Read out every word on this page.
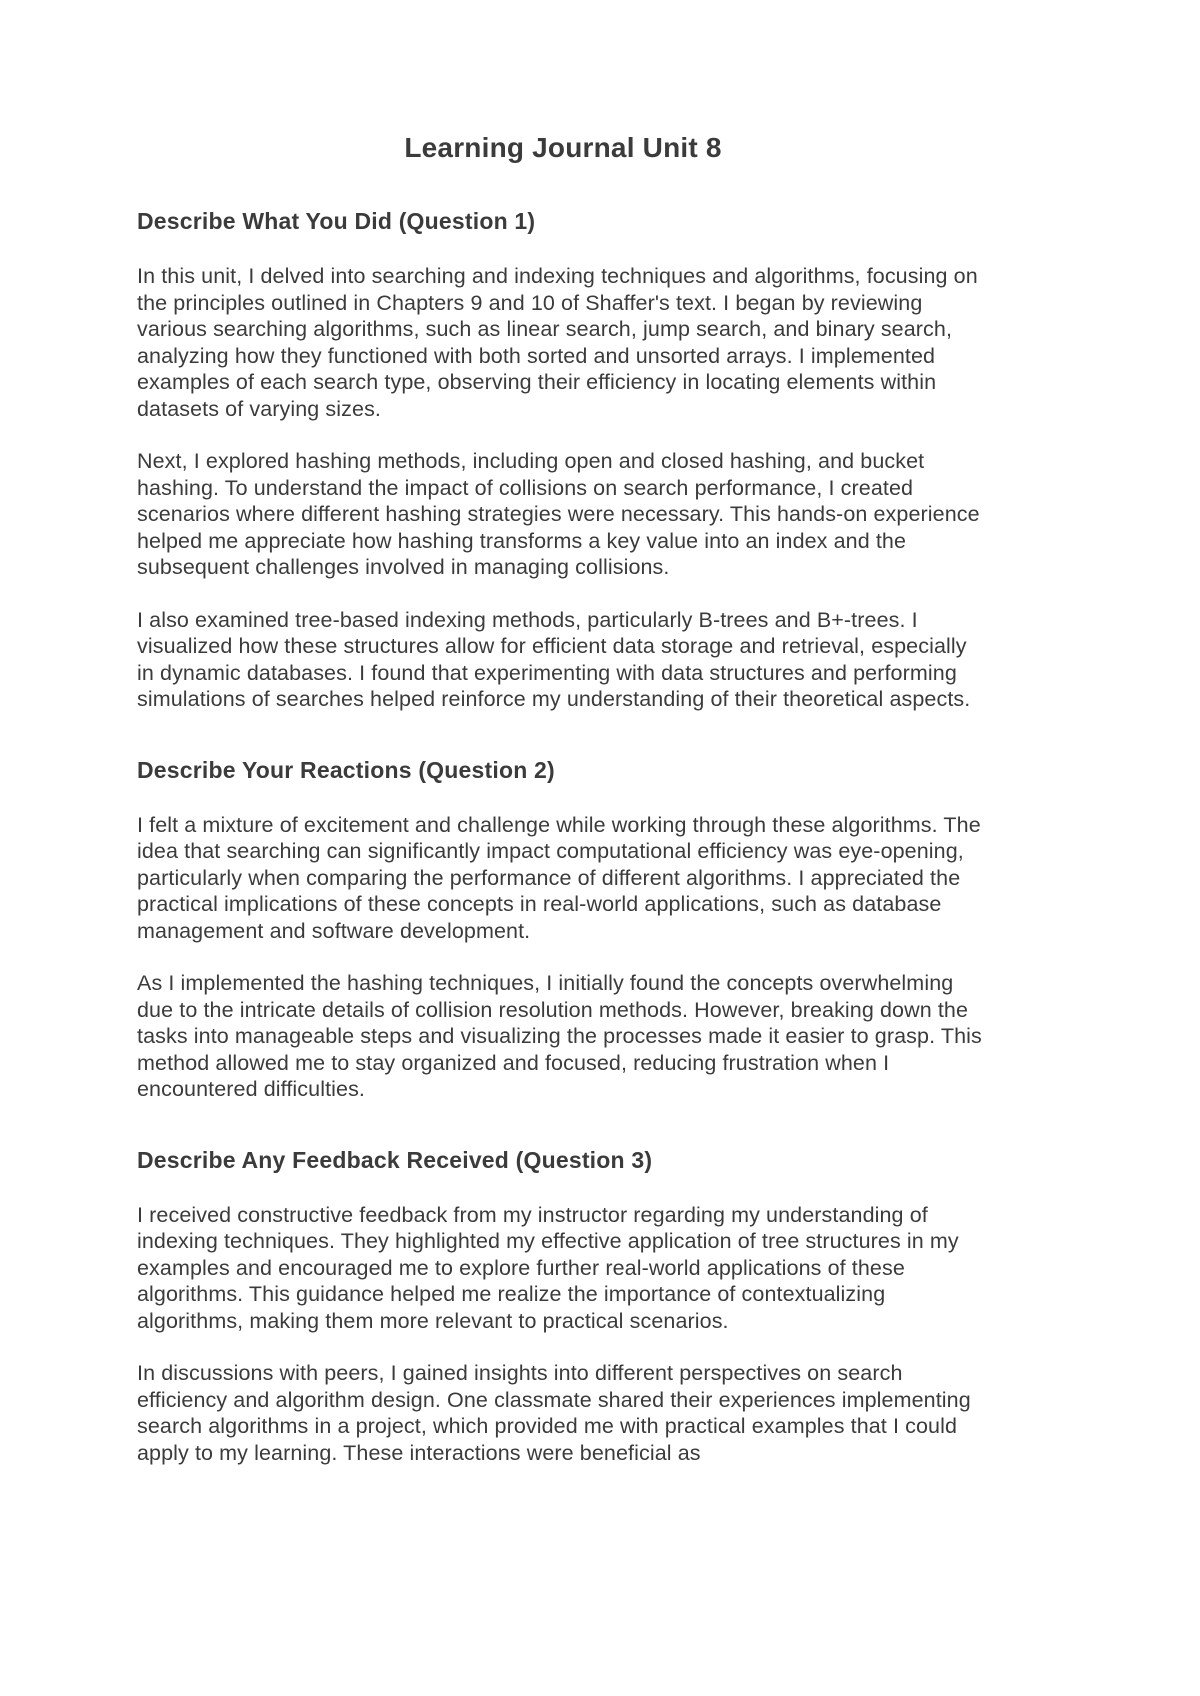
Learning Journal Unit 8
Describe What You Did (Question 1)

In this unit, I delved into searching and indexing techniques and algorithms, focusing on the principles outlined in Chapters 9 and 10 of Shaffer's text. I began by reviewing various searching algorithms, such as linear search, jump search, and binary search, analyzing how they functioned with both sorted and unsorted arrays. I implemented examples of each search type, observing their efficiency in locating elements within datasets of varying sizes.

Next, I explored hashing methods, including open and closed hashing, and bucket hashing. To understand the impact of collisions on search performance, I created scenarios where different hashing strategies were necessary. This hands-on experience helped me appreciate how hashing transforms a key value into an index and the subsequent challenges involved in managing collisions.

I also examined tree-based indexing methods, particularly B-trees and B+-trees. I visualized how these structures allow for efficient data storage and retrieval, especially in dynamic databases. I found that experimenting with data structures and performing simulations of searches helped reinforce my understanding of their theoretical aspects.

Describe Your Reactions (Question 2)

I felt a mixture of excitement and challenge while working through these algorithms. The idea that searching can significantly impact computational efficiency was eye-opening, particularly when comparing the performance of different algorithms. I appreciated the practical implications of these concepts in real-world applications, such as database management and software development.

As I implemented the hashing techniques, I initially found the concepts overwhelming due to the intricate details of collision resolution methods. However, breaking down the tasks into manageable steps and visualizing the processes made it easier to grasp. This method allowed me to stay organized and focused, reducing frustration when I encountered difficulties.

Describe Any Feedback Received (Question 3)

I received constructive feedback from my instructor regarding my understanding of indexing techniques. They highlighted my effective application of tree structures in my examples and encouraged me to explore further real-world applications of these algorithms. This guidance helped me realize the importance of contextualizing algorithms, making them more relevant to practical scenarios.

In discussions with peers, I gained insights into different perspectives on search efficiency and algorithm design. One classmate shared their experiences implementing search algorithms in a project, which provided me with practical examples that I could apply to my learning. These interactions were beneficial as
